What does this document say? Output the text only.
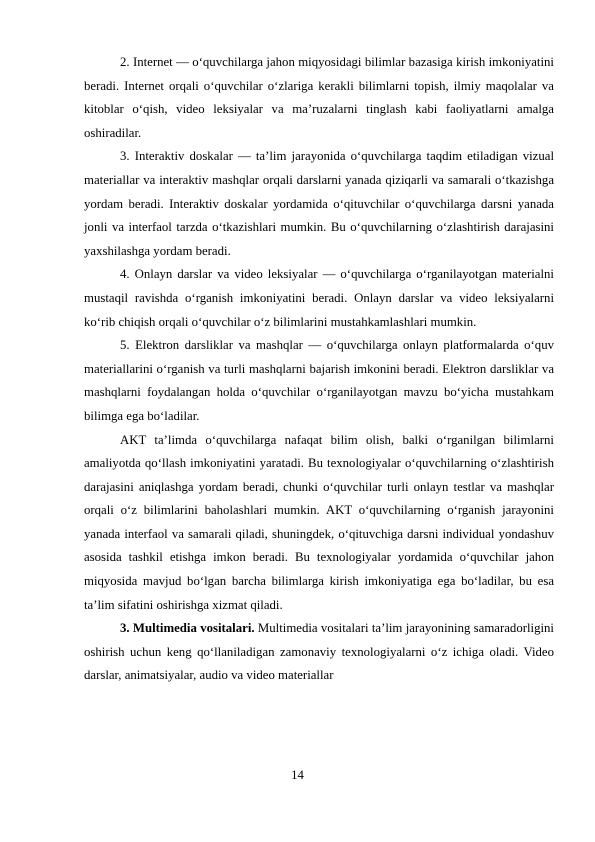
2. Internet — o‘quvchilarga jahon miqyosidagi bilimlar bazasiga kirish imkoniyatini beradi. Internet orqali o‘quvchilar o‘zlariga kerakli bilimlarni topish, ilmiy maqolalar va kitoblar o‘qish, video leksiyalar va ma’ruzalarni tinglash kabi faoliyatlarni amalga oshiradilar.

3. Interaktiv doskalar — ta’lim jarayonida o‘quvchilarga taqdim etiladigan vizual materiallar va interaktiv mashqlar orqali darslarni yanada qiziqarli va samarali o‘tkazishga yordam beradi. Interaktiv doskalar yordamida o‘qituvchilar o‘quvchilarga darsni yanada jonli va interfaol tarzda o‘tkazishlari mumkin. Bu o‘quvchilarning o‘zlashtirish darajasini yaxshilashga yordam beradi.

4. Onlayn darslar va video leksiyalar — o‘quvchilarga o‘rganilayotgan materialni mustaqil ravishda o‘rganish imkoniyatini beradi. Onlayn darslar va video leksiyalarni ko‘rib chiqish orqali o‘quvchilar o‘z bilimlarini mustahkamlashlari mumkin.

5. Elektron darsliklar va mashqlar — o‘quvchilarga onlayn platformalarda o‘quv materiallarini o‘rganish va turli mashqlarni bajarish imkonini beradi. Elektron darsliklar va mashqlarni foydalangan holda o‘quvchilar o‘rganilayotgan mavzu bo‘yicha mustahkam bilimga ega bo‘ladilar.

AKT ta’limda o‘quvchilarga nafaqat bilim olish, balki o‘rganilgan bilimlarni amaliyotda qo‘llash imkoniyatini yaratadi. Bu texnologiyalar o‘quvchilarning o‘zlashtirish darajasini aniqlashga yordam beradi, chunki o‘quvchilar turli onlayn testlar va mashqlar orqali o‘z bilimlarini baholashlari mumkin. AKT o‘quvchilarning o‘rganish jarayonini yanada interfaol va samarali qiladi, shuningdek, o‘qituvchiga darsni individual yondashuv asosida tashkil etishga imkon beradi. Bu texnologiyalar yordamida o‘quvchilar jahon miqyosida mavjud bo‘lgan barcha bilimlarga kirish imkoniyatiga ega bo‘ladilar, bu esa ta’lim sifatini oshirishga xizmat qiladi.

3. Multimedia vositalari. Multimedia vositalari ta’lim jarayonining samaradorligini oshirish uchun keng qo‘llaniladigan zamonaviy texnologiyalarni o‘z ichiga oladi. Video darslar, animatsiyalar, audio va video materiallar

14
